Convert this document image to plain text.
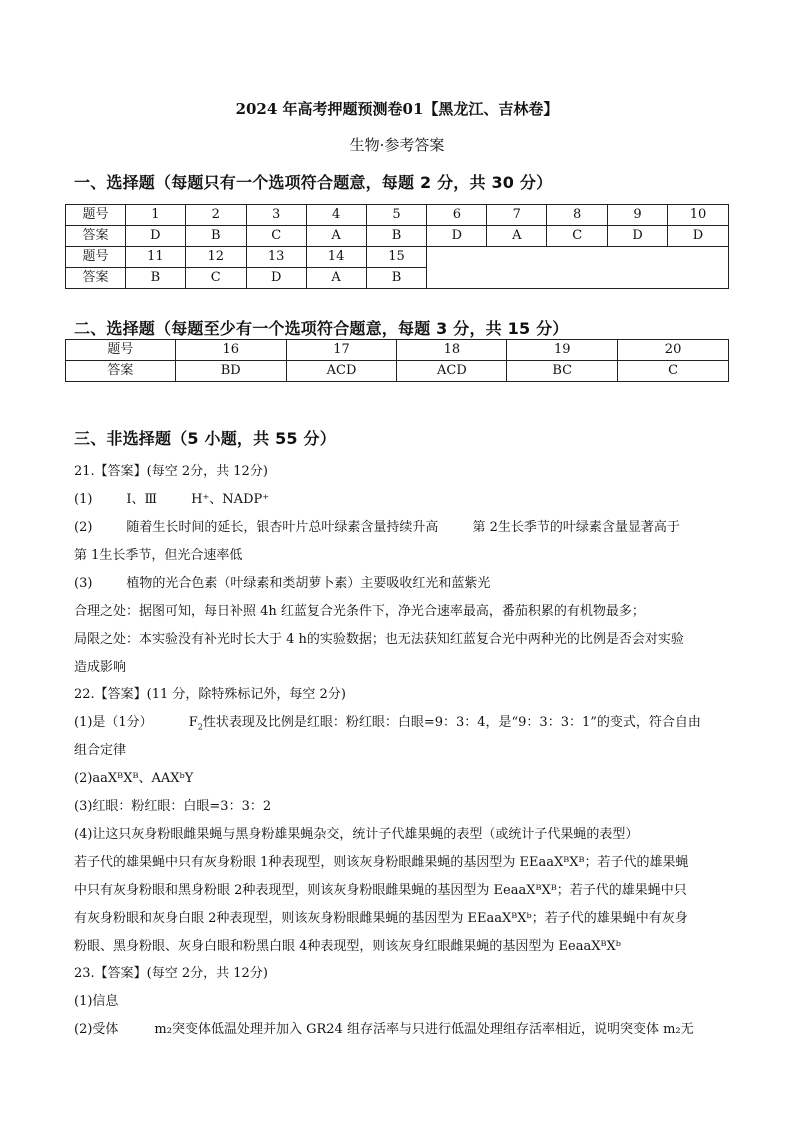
2024 年高考押题预测卷01【黑龙江、吉林卷】
生物·参考答案
一、选择题（每题只有一个选项符合题意，每题 2 分，共 30 分）
题号	1	2	3	4	5	6	7	8	9	10
答案	D	B	C	A	B	D	A	C	D	D
题号	11	12	13	14	15					
答案	B	C	D	A	B					
二、选择题（每题至少有一个选项符合题意，每题 3 分，共 15 分）
题号	16	17	18	19	20
答案	BD	ACD	ACD	BC	C
三、非选择题（5 小题，共 55 分）
21.【答案】(每空 2分，共 12分)
(1)	Ⅰ、Ⅲ	H⁺、NADP⁺
(2)	随着生长时间的延长，银杏叶片总叶绿素含量持续升高	第 2生长季节的叶绿素含量显著高于
第 1生长季节，但光合速率低
(3)	植物的光合色素（叶绿素和类胡萝卜素）主要吸收红光和蓝紫光
合理之处：据图可知，每日补照 4h 红蓝复合光条件下，净光合速率最高，番茄积累的有机物最多；
局限之处：本实验没有补光时长大于 4 h的实验数据；也无法获知红蓝复合光中两种光的比例是否会对实验
造成影响
22.【答案】(11 分，除特殊标记外，每空 2分)
(1)是（1分）	$F_2$性状表现及比例是红眼：粉红眼：白眼=9：3：4，是“9：3：3：1”的变式，符合自由
组合定律
(2)aaXᴮXᴮ、AAXᵇY
(3)红眼：粉红眼：白眼=3：3：2
(4)让这只灰身粉眼雌果蝇与黑身粉雄果蝇杂交，统计子代雄果蝇的表型（或统计子代果蝇的表型）
若子代的雄果蝇中只有灰身粉眼 1种表现型，则该灰身粉眼雌果蝇的基因型为 EEaaXᴮXᴮ；若子代的雄果蝇
中只有灰身粉眼和黑身粉眼 2种表现型，则该灰身粉眼雌果蝇的基因型为 EeaaXᴮXᴮ；若子代的雄果蝇中只
有灰身粉眼和灰身白眼 2种表现型，则该灰身粉眼雌果蝇的基因型为 EEaaXᴮXᵇ；若子代的雄果蝇中有灰身
粉眼、黑身粉眼、灰身白眼和粉黑白眼 4种表现型，则该灰身红眼雌果蝇的基因型为 EeaaXᴮXᵇ
23.【答案】(每空 2分，共 12分)
(1)信息
(2)受体	m₂突变体低温处理并加入 GR24 组存活率与只进行低温处理组存活率相近，说明突变体 m₂无
